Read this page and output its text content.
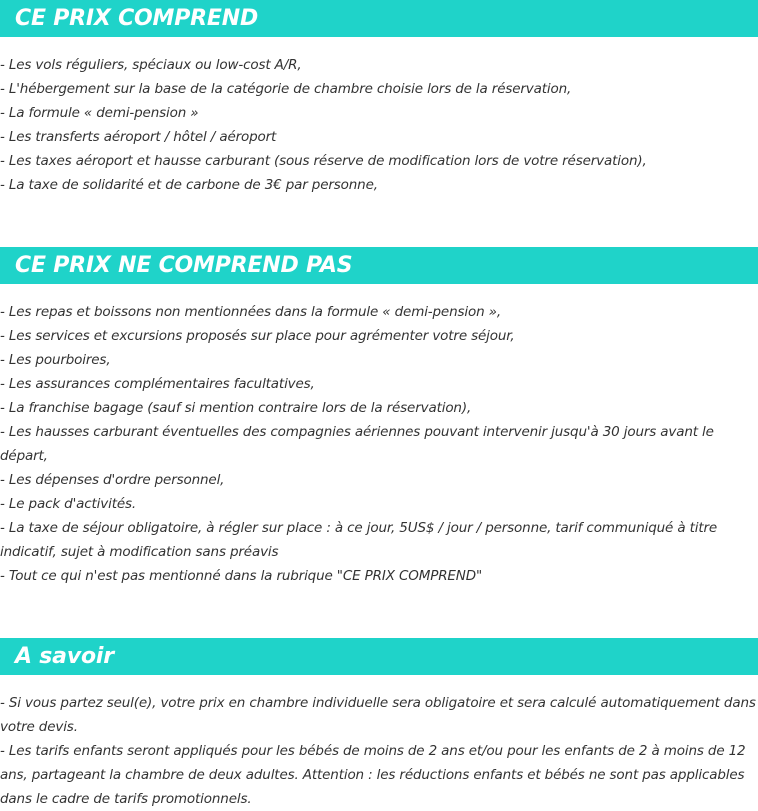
CE PRIX COMPREND
- Les vols réguliers, spéciaux ou low-cost A/R,
- L'hébergement sur la base de la catégorie de chambre choisie lors de la réservation,
- La formule « demi-pension »
- Les transferts aéroport / hôtel / aéroport
- Les taxes aéroport et hausse carburant (sous réserve de modification lors de votre réservation),
- La taxe de solidarité et de carbone de 3€ par personne,
CE PRIX NE COMPREND PAS
- Les repas et boissons non mentionnées dans la formule « demi-pension »,
- Les services et excursions proposés sur place pour agrémenter votre séjour,
- Les pourboires,
- Les assurances complémentaires facultatives,
- La franchise bagage (sauf si mention contraire lors de la réservation),
- Les hausses carburant éventuelles des compagnies aériennes pouvant intervenir jusqu'à 30 jours avant le départ,
- Les dépenses d'ordre personnel,
- Le pack d'activités.
- La taxe de séjour obligatoire, à régler sur place : à ce jour, 5US$ / jour / personne, tarif communiqué à titre indicatif, sujet à modification sans préavis
- Tout ce qui n'est pas mentionné dans la rubrique "CE PRIX COMPREND"
A savoir
- Si vous partez seul(e), votre prix en chambre individuelle sera obligatoire et sera calculé automatiquement dans votre devis.
- Les tarifs enfants seront appliqués pour les bébés de moins de 2 ans et/ou pour les enfants de 2 à moins de 12 ans, partageant la chambre de deux adultes. Attention : les réductions enfants et bébés ne sont pas applicables dans le cadre de tarifs promotionnels.
